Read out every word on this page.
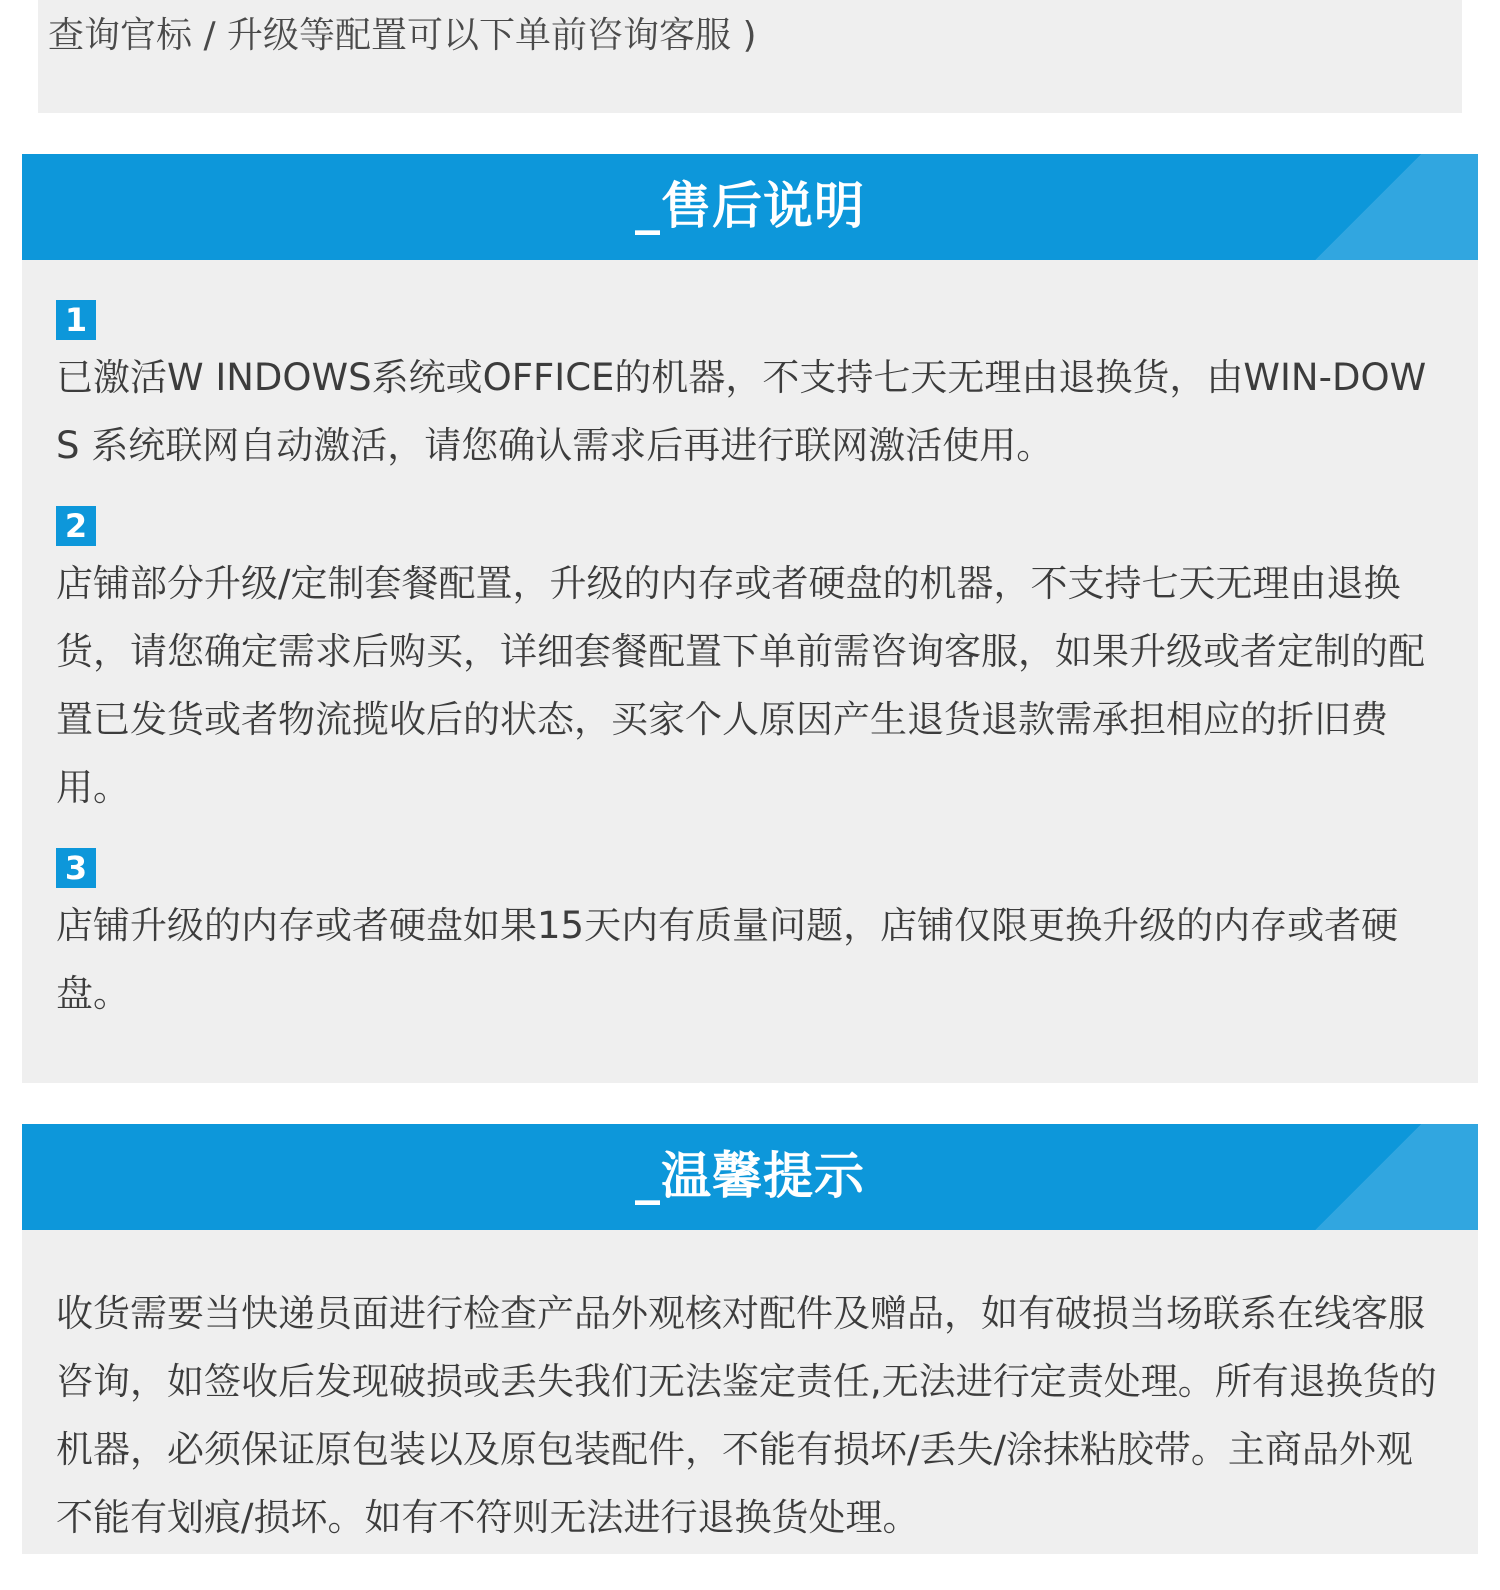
查询官标 / 升级等配置可以下单前咨询客服 )

_售后说明
1

已激活W INDOWS系统或OFFICE的机器，不支持七天无理由退换货，由WIN-DOWS 系统联网自动激活，请您确认需求后再进行联网激活使用。

2

店铺部分升级/定制套餐配置，升级的内存或者硬盘的机器，不支持七天无理由退换货，请您确定需求后购买，详细套餐配置下单前需咨询客服，如果升级或者定制的配置已发货或者物流揽收后的状态，买家个人原因产生退货退款需承担相应的折旧费用。

3

店铺升级的内存或者硬盘如果15天内有质量问题，店铺仅限更换升级的内存或者硬盘。

_温馨提示

收货需要当快递员面进行检查产品外观核对配件及赠品，如有破损当场联系在线客服咨询，如签收后发现破损或丢失我们无法鉴定责任,无法进行定责处理。所有退换货的机器，必须保证原包装以及原包装配件，不能有损坏/丢失/涂抹粘胶带。主商品外观不能有划痕/损坏。如有不符则无法进行退换货处理。
